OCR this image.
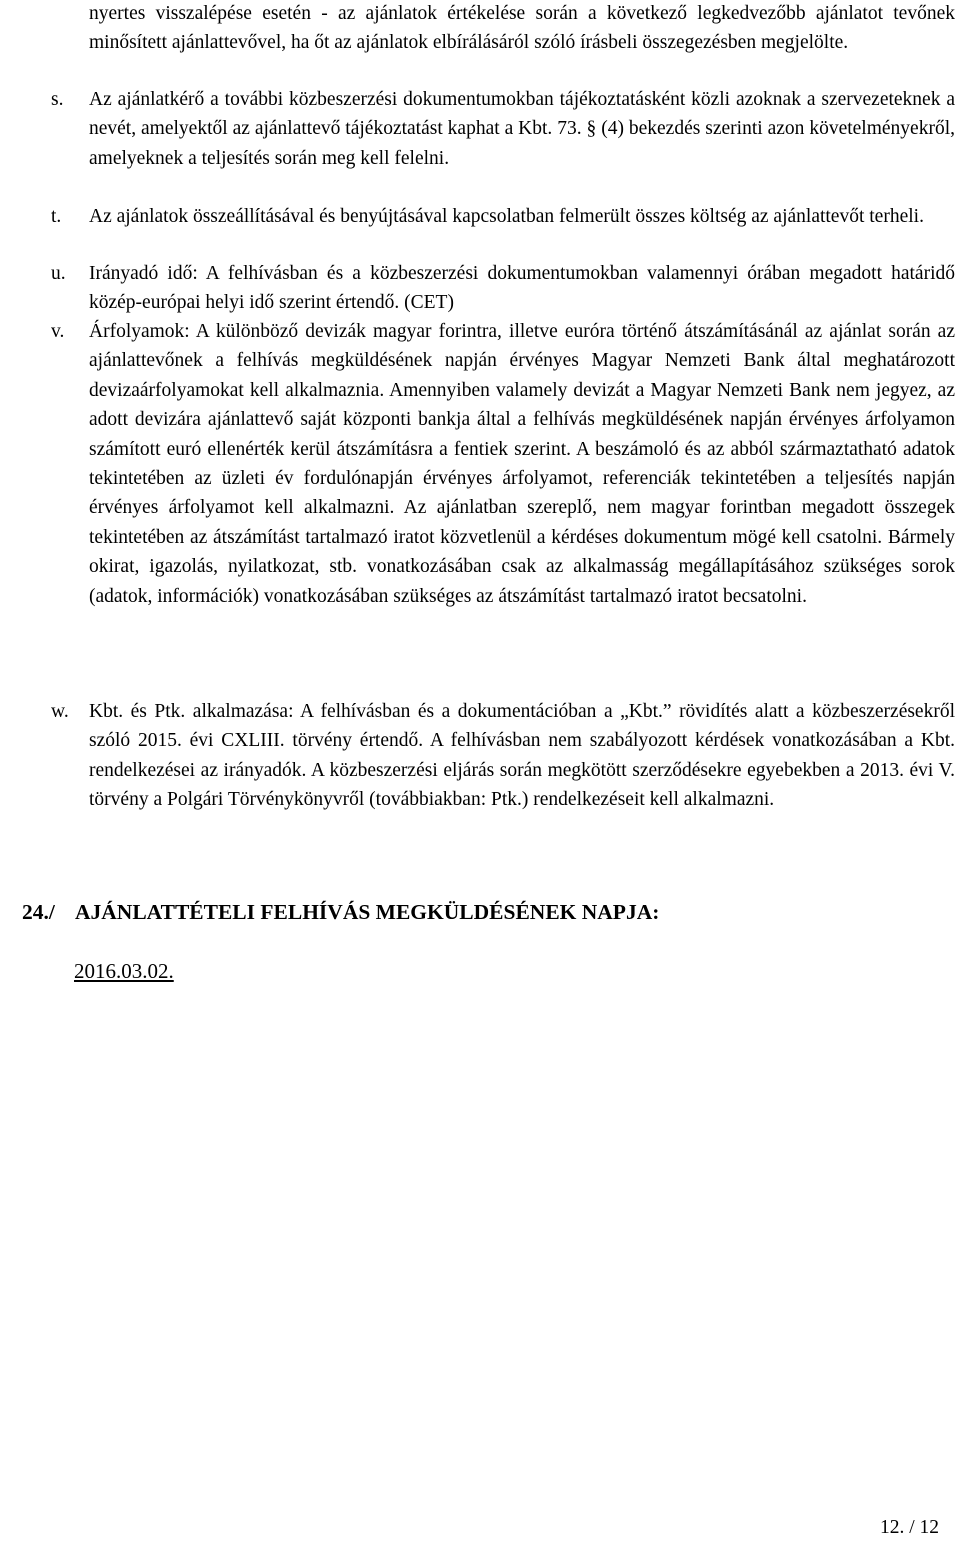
nyertes visszalépése esetén - az ajánlatok értékelése során a következő legkedvezőbb ajánlatot tevőnek minősített ajánlattevővel, ha őt az ajánlatok elbírálásáról szóló írásbeli összegezésben megjelölte.

s. Az ajánlatkérő a további közbeszerzési dokumentumokban tájékoztatásként közli azoknak a szervezeteknek a nevét, amelyektől az ajánlattevő tájékoztatást kaphat a Kbt. 73. § (4) bekezdés szerinti azon követelményekről, amelyeknek a teljesítés során meg kell felelni.

t. Az ajánlatok összeállításával és benyújtásával kapcsolatban felmerült összes költség az ajánlattevőt terheli.

u. Irányadó idő: A felhívásban és a közbeszerzési dokumentumokban valamennyi órában megadott határidő közép-európai helyi idő szerint értendő. (CET)

v. Árfolyamok: A különböző devizák magyar forintra, illetve euróra történő átszámításánál az ajánlat során az ajánlattevőnek a felhívás megküldésének napján érvényes Magyar Nemzeti Bank által meghatározott devizaárfolyamokat kell alkalmaznia. Amennyiben valamely devizát a Magyar Nemzeti Bank nem jegyez, az adott devizára ajánlattevő saját központi bankja által a felhívás megküldésének napján érvényes árfolyamon számított euró ellenérték kerül átszámításra a fentiek szerint. A beszámoló és az abból származtatható adatok tekintetében az üzleti év fordulónapján érvényes árfolyamot, referenciák tekintetében a teljesítés napján érvényes árfolyamot kell alkalmazni. Az ajánlatban szereplő, nem magyar forintban megadott összegek tekintetében az átszámítást tartalmazó iratot közvetlenül a kérdéses dokumentum mögé kell csatolni. Bármely okirat, igazolás, nyilatkozat, stb. vonatkozásában csak az alkalmasság megállapításához szükséges sorok (adatok, információk) vonatkozásában szükséges az átszámítást tartalmazó iratot becsatolni.

w. Kbt. és Ptk. alkalmazása: A felhívásban és a dokumentációban a „Kbt.” rövidítés alatt a közbeszerzésekről szóló 2015. évi CXLIII. törvény értendő. A felhívásban nem szabályozott kérdések vonatkozásában a Kbt. rendelkezései az irányadók. A közbeszerzési eljárás során megkötött szerződésekre egyebekben a 2013. évi V. törvény a Polgári Törvénykönyvről (továbbiakban: Ptk.) rendelkezéseit kell alkalmazni.

24./ AJÁNLATTÉTELI FELHÍVÁS MEGKÜLDÉSÉNEK NAPJA:
2016.03.02.
12. / 12
